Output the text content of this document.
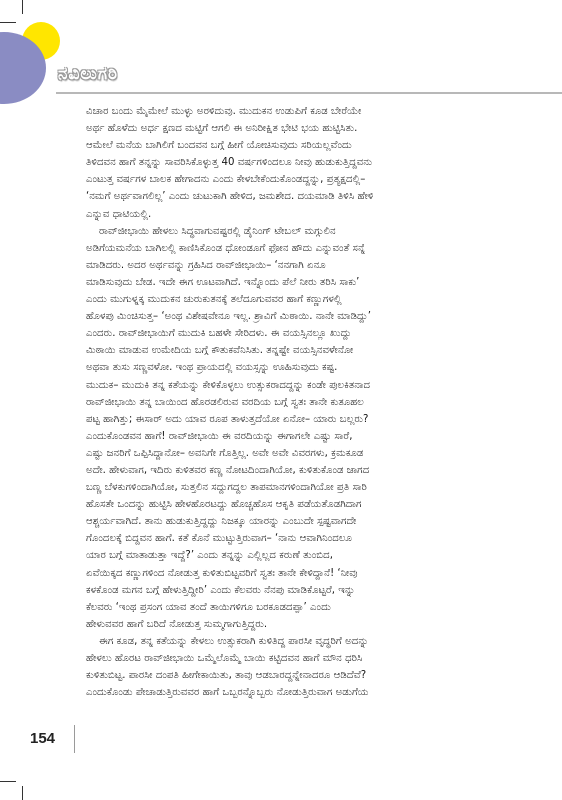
ನವಿಲುಗರಿ
ವಿಚಾರ ಬಂದು ಮೈಮೇಲೆ ಮುಳ್ಳು ಅರಳಿದುವು. ಮುದುಕನ ಉಡುಪಿಗೆ ಕೂಡ ಬೇರೆಯೇ
ಅರ್ಥ ಹೊಳೆದು ಅರ್ಧ ಕ್ಷಣದ ಮಟ್ಟಿಗೆ ಆಗಲಿ ಈ ಅನಿರೀಕ್ಷಿತ ಭೇಟಿ ಭಯ ಹುಟ್ಟಿಸಿತು.
ಆಮೇಲೆ ಮನೆಯ ಬಾಗಿಲಿಗೆ ಬಂದವನ ಬಗ್ಗೆ ಹೀಗೆ ಯೋಚಿಸುವುದು ಸರಿಯಲ್ಲವೆಂದು
ತಿಳಿದವನ ಹಾಗೆ ತನ್ನನ್ನು ಸಾವರಿಸಿಕೊಳ್ಳುತ್ತ 40 ವರ್ಷಗಳಿಂದಲೂ ನೀವು ಹುಡುಕುತ್ತಿದ್ದವನು
ಎಂಟುತ್ತ ವರ್ಷಗಳ ಬಾಲಕ ಹೇಗಾದನು ಎಂದು ಕೇಳಬೇಕೆಂದುಕೊಂಡದ್ದನ್ನು, ಪ್ರತ್ಯಕ್ಷದಲ್ಲಿ–
‘ನಮಗೆ ಅರ್ಥವಾಗಲಿಲ್ಲ’ ಎಂದು ಚುಟುಕಾಗಿ ಹೇಳಿದ, ಜಮಶೇದ. ದಯಮಾಡಿ ತಿಳಿಸಿ ಹೇಳಿ
ಎನ್ನುವ ಧಾಟಿಯಲ್ಲಿ.
ರಾವ್‌ಜೀಭಾಯಿ ಹೇಳಲು ಸಿದ್ಧವಾಗುವಷ್ಟರಲ್ಲಿ ಡೈನಿಂಗ್ ಟೇಬಲ್ ಮಗ್ಗುಲಿನ
ಅಡಿಗೆಯಮನೆಯ ಬಾಗಿಲಲ್ಲಿ ಕಾಣಿಸಿಕೊಂಡ ಧೋಂಡೂಗೆ ಫೋನ ಹೌದು ಎನ್ನುವಂತೆ ಸನ್ನೆ
ಮಾಡಿದರು. ಅದರ ಅರ್ಥವನ್ನು ಗ್ರಹಿಸಿದ ರಾವ್‌ಜೀಭಾಯಿ– ‘ನನಗಾಗಿ ಏನೂ
ಮಾಡಿಸುವುದು ಬೇಡ. ಇದೇ ಈಗ ಊಟವಾಗಿದೆ. ಇನ್ನೊಂದು ಪೆಲೆ ನೀರು ತರಿಸಿ ಸಾಕು’
ಎಂದು ಮುಗುಳ್ನಕ್ಕ ಮುದುಕನ ಚುರುಕುತನಕ್ಕೆ ತಲೆದೂಗುವವರ ಹಾಗೆ ಕಣ್ಣುಗಳಲ್ಲಿ
ಹೊಳಪು ಮಿಂಚಿಸುತ್ತ– ‘ಅಂಥ ವಿಶೇಷವೇನೂ ಇಲ್ಲ. ಶ್ರಾವಿಗೆ ಮಿಠಾಯಿ. ನಾನೇ ಮಾಡಿದ್ದು’
ಎಂದರು. ರಾವ್‌ಜೀಭಾಯಿಗೆ ಮುದುಕಿ ಬಹಳೇ ಸೇರಿದಳು. ಈ ವಯಸ್ಸಿನಲ್ಲೂ ಖುದ್ದು
ಮಿಠಾಯಿ ಮಾಡುವ ಉಮೇದಿಯ ಬಗ್ಗೆ ಕೌತುಕವೆನಿಸಿತು. ತನ್ನಷ್ಟೇ ವಯಸ್ಸಿನವಳೇನೋ
ಅಥವಾ ತುಸು ಸಣ್ಣವಳೋ. ಇಂಥ ಪ್ರಾಯದಲ್ಲಿ ವಯಸ್ಸನ್ನು ಊಹಿಸುವುದು ಕಷ್ಟ.
ಮುದುಕ– ಮುದುಕಿ ತನ್ನ ಕತೆಯನ್ನು ಕೇಳಿಕೊಳ್ಳಲು ಉತ್ಸುಕರಾದದ್ದನ್ನು ಕಂಡೇ ಪುಲಕಿತನಾದ
ರಾವ್‌ಜೀಭಾಯಿ ತನ್ನ ಬಾಯಿಂದ ಹೊರಡಲಿರುವ ವರದಿಯ ಬಗ್ಗೆ ಸ್ವತಃ ತಾನೇ ಕುತೂಹಲ
ಪಟ್ಟ ಹಾಗಿತ್ತು; ಈಸಾರ್ ಅದು ಯಾವ ರೂಪ ತಾಳುತ್ತದೆಯೋ ಏನೋ– ಯಾರು ಬಲ್ಲರು?
ಎಂದುಕೊಂಡವನ ಹಾಗೆ! ರಾವ್‌ಜೀಭಾಯಿ ಈ ವರದಿಯನ್ನು ಈಗಾಗಲೇ ಎಷ್ಟು ಸಾರೆ,
ಎಷ್ಟು ಜನರಿಗೆ ಒಪ್ಪಿಸಿದ್ದಾನೋ– ಅವನಿಗೇ ಗೊತ್ತಿಲ್ಲ. ಅವೇ ಅವೇ ವಿವರಗಳು, ಕ್ರಮಕೂಡ
ಅದೇ. ಹೇಳುವಾಗ, ಇದಿರು ಕುಳಿತವರ ಕಣ್ಣ ನೋಟದಿಂದಾಗಿಯೋ, ಕುಳಿತುಕೊಂಡ ಜಾಗದ
ಬಣ್ಣ ಬೆಳಕುಗಳಿಂದಾಗಿಯೋ, ಸುತ್ತಲಿನ ಸದ್ದುಗದ್ದಲ ತಾಪಮಾನಗಳಿಂದಾಗಿಯೋ ಪ್ರತಿ ಸಾರಿ
ಹೊಸತೇ ಒಂದನ್ನು ಹುಟ್ಟಿಸಿ ಹೇಳಹೊರಟದ್ದು ಹೊಚ್ಚಹೊಸ ಆಕೃತಿ ಪಡೆಯತೊಡಗಿದಾಗ
ಆಶ್ಚರ್ಯವಾಗಿದೆ. ತಾನು ಹುಡುಕುತ್ತಿದ್ದದ್ದು ನಿಜಕ್ಕೂ ಯಾರನ್ನು ಎಂಬುದೇ ಸ್ಪಷ್ಟವಾಗದೇ
ಗೊಂದಲಕ್ಕೆ ಬಿದ್ದವನ ಹಾಗೆ. ಕತೆ ಕೊನೆ ಮುಟ್ಟುತ್ತಿರುವಾಗ– ‘ನಾನು ಆವಾಗಿನಿಂದಲೂ
ಯಾರ ಬಗ್ಗೆ ಮಾತಾಡುತ್ತಾ ಇದ್ದೆ?’ ಎಂದು ತನ್ನನ್ನು ಎಲ್ಲಿಲ್ಲದ ಕರುಣೆ ತುಂಬಿದ,
ಏವೆಯಿಕ್ಕದ ಕಣ್ಣುಗಳಿಂದ ನೋಡುತ್ತ ಕುಳಿತುಬಿಟ್ಟವರಿಗೆ ಸ್ವತಃ ತಾನೇ ಕೇಳಿದ್ದಾನೆ! ‘ನೀವು
ಕಳಕೊಂಡ ಮಗನ ಬಗ್ಗೆ ಹೇಳುತ್ತಿದ್ದೀರಿ’ ಎಂದು ಕೆಲವರು ನೆನಪು ಮಾಡಿಕೊಟ್ಟರೆ, ಇನ್ನು
ಕೆಲವರು ‘ಇಂಥ ಪ್ರಸಂಗ ಯಾವ ತಂದೆ ತಾಯಿಗಳಿಗೂ ಬರಕೂಡದಪ್ಪಾ’ ಎಂದು
ಹೇಳುವವರ ಹಾಗೆ ಬರಿದೆ ನೋಡುತ್ತ ಸುಮ್ಮಗಾಗುತ್ತಿದ್ದರು.
ಈಗ ಕೂಡ, ತನ್ನ ಕತೆಯನ್ನು ಕೇಳಲು ಉತ್ಸುಕರಾಗಿ ಕುಳಿತಿದ್ದ ಪಾರಸೀ ವೃದ್ಧರಿಗೆ ಅದನ್ನು
ಹೇಳಲು ಹೊರಟ ರಾವ್‌ಜೀಭಾಯಿ ಒಮ್ಮೆಲೊಮ್ಮೆ ಬಾಯಿ ಕಟ್ಟಿದವನ ಹಾಗೆ ಮೌನ ಧರಿಸಿ
ಕುಳಿತುಬಿಟ್ಟ. ಪಾರಸೀ ದಂಪತಿ ಹೀಗೇಕಾಯಿತು, ತಾವು ಆಡಬಾರದ್ದನ್ನೇನಾದರೂ ಆಡಿದೆವೆ?
ಎಂದುಕೊಂಡು ಪೇಚಾಡುತ್ತಿರುವವರ ಹಾಗೆ ಒಬ್ಬರನ್ನೊಬ್ಬರು ನೋಡುತ್ತಿರುವಾಗ ಅಡುಗೆಯ
154
